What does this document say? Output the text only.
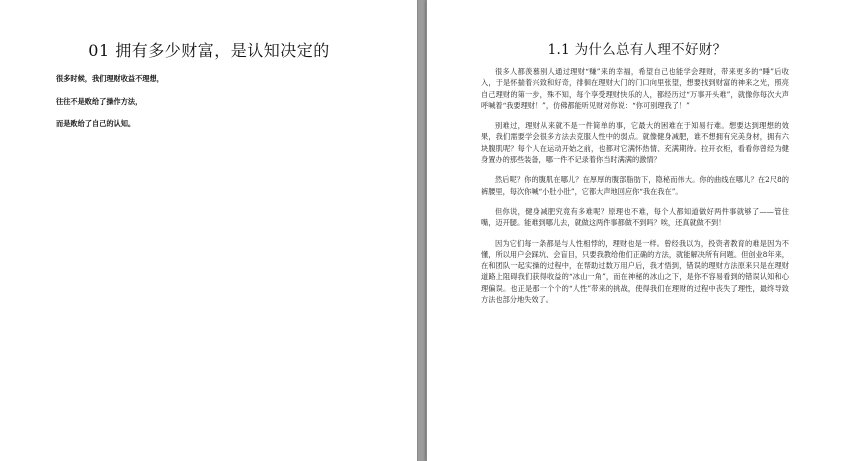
01 拥有多少财富，是认知决定的

很多时候，我们理财收益不理想，

往往不是败给了操作方法，

而是败给了自己的认知。

1.1 为什么总有人理不好财？

很多人都羡慕别人通过理财“赚”来的幸福，希望自己也能学会理财，带来更多的“睡”后收入，于是怀揣着兴致和好奇，徘徊在理财大门的门口向里张望，想要找到财富的神来之光，照亮自己理财的第一步，殊不知，每个享受理财快乐的人，都经历过“万事开头难”，就像你每次大声呼喊着“我要理财！”，仿佛都能听见财对你说：“你可别理我了！”

别难过，理财从来就不是一件简单的事，它最大的困难在于知易行难。想要达到理想的效果，我们需要学会很多方法去克服人性中的弱点。就像健身减肥，谁不想拥有完美身材，拥有六块腹肌呢？每个人在运动开始之前，也都对它满怀热情、充满期待。拉开衣柜，看看你曾经为健身置办的那些装备，哪一件不记录着你当时满满的激情？

然后呢？你的腹肌在哪儿？在厚厚的腹部脂肪下，隐秘而伟大。你的曲线在哪儿？在2尺8的裤腰里，每次你喊“小肚小肚”，它都大声地回应你“我在我在”。

但你说，健身减肥究竟有多难呢？原理也不难，每个人都知道做好两件事就够了——管住嘴，迈开腿。能难到哪儿去，就做这两件事都做不到吗？唉，还真就做不到！

因为它们每一条都是与人性相悖的，理财也是一样。曾经我以为，投资者教育的难是因为不懂，所以用户会踩坑、会盲目，只要我教给他们正确的方法，就能解决所有问题。但创业8年来，在和团队一起实操的过程中，在帮助过数万用户后，我才悟到，错误的理财方法原来只是在理财道路上阻碍我们获得收益的“冰山一角”，而在神秘的冰山之下，是你不容易看到的错误认知和心理偏误。也正是那一个个的“人性”带来的挑战，使得我们在理财的过程中丧失了理性，最终导致方法也部分地失效了。
